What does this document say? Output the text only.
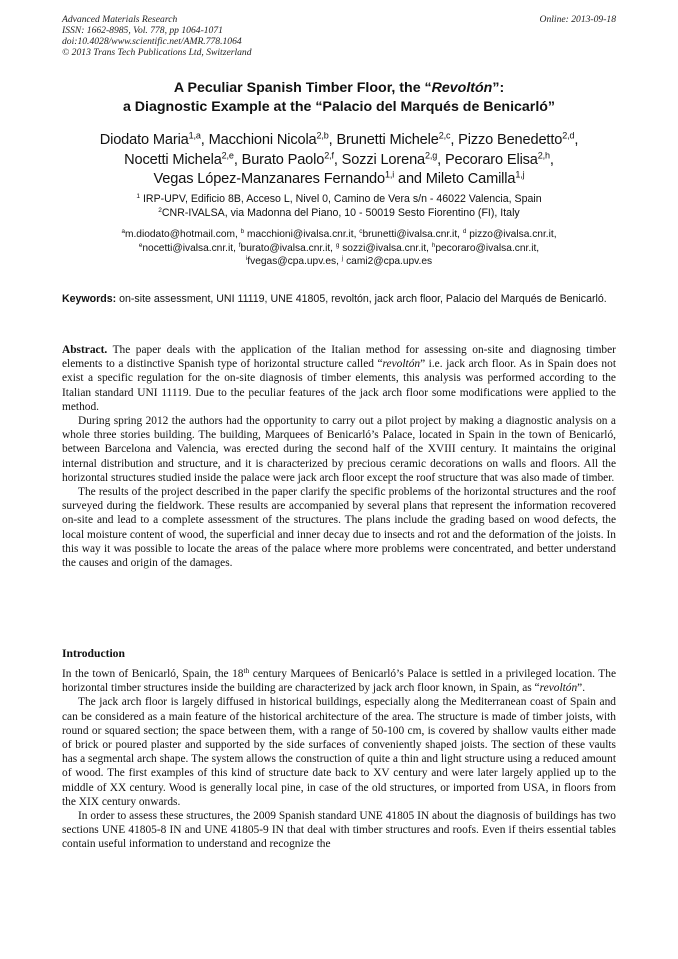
Advanced Materials Research
ISSN: 1662-8985, Vol. 778, pp 1064-1071
doi:10.4028/www.scientific.net/AMR.778.1064
© 2013 Trans Tech Publications Ltd, Switzerland
Online: 2013-09-18
A Peculiar Spanish Timber Floor, the “Revoltón”:
a Diagnostic Example at the “Palacio del Marqués de Benicarló”
Diodato Maria$^{1,a}$, Macchioni Nicola$^{2,b}$, Brunetti Michele$^{2,c}$, Pizzo Benedetto$^{2,d}$,
Nocetti Michela$^{2,e}$, Burato Paolo$^{2,f}$, Sozzi Lorena$^{2,g}$, Pecoraro Elisa$^{2,h}$,
Vegas López-Manzanares Fernando$^{1,i}$ and Mileto Camilla$^{1,j}$
$^1$ IRP-UPV, Edificio 8B, Acceso L, Nivel 0, Camino de Vera s/n - 46022 Valencia, Spain
$^2$CNR-IVALSA, via Madonna del Piano, 10 - 50019 Sesto Fiorentino (FI), Italy
$^a$m.diodato@hotmail.com, $^b$ macchioni@ivalsa.cnr.it, $^c$brunetti@ivalsa.cnr.it, $^d$ pizzo@ivalsa.cnr.it,
$^e$nocetti@ivalsa.cnr.it, $^f$burato@ivalsa.cnr.it, $^g$ sozzi@ivalsa.cnr.it, $^h$pecoraro@ivalsa.cnr.it,
$^i$fvegas@cpa.upv.es, $^j$ cami2@cpa.upv.es
Keywords: on-site assessment, UNI 11119, UNE 41805, revoltón, jack arch floor, Palacio del Marqués de Benicarló.

Abstract. The paper deals with the application of the Italian method for assessing on-site and diagnosing timber elements to a distinctive Spanish type of horizontal structure called “revoltón” i.e. jack arch floor. As in Spain does not exist a specific regulation for the on-site diagnosis of timber elements, this analysis was performed according to the Italian standard UNI 11119. Due to the peculiar features of the jack arch floor some modifications were applied to the method.

During spring 2012 the authors had the opportunity to carry out a pilot project by making a diagnostic analysis on a whole three stories building. The building, Marquees of Benicarló’s Palace, located in Spain in the town of Benicarló, between Barcelona and Valencia, was erected during the second half of the XVIII century. It maintains the original internal distribution and structure, and it is characterized by precious ceramic decorations on walls and floors. All the horizontal structures studied inside the palace were jack arch floor except the roof structure that was also made of timber.

The results of the project described in the paper clarify the specific problems of the horizontal structures and the roof surveyed during the fieldwork. These results are accompanied by several plans that represent the information recovered on-site and lead to a complete assessment of the structures. The plans include the grading based on wood defects, the local moisture content of wood, the superficial and inner decay due to insects and rot and the deformation of the joists. In this way it was possible to locate the areas of the palace where more problems were concentrated, and better understand the causes and origin of the damages.

Introduction

In the town of Benicarló, Spain, the 18th century Marquees of Benicarló’s Palace is settled in a privileged location. The horizontal timber structures inside the building are characterized by jack arch floor known, in Spain, as “revoltón”.

The jack arch floor is largely diffused in historical buildings, especially along the Mediterranean coast of Spain and can be considered as a main feature of the historical architecture of the area. The structure is made of timber joists, with round or squared section; the space between them, with a range of 50-100 cm, is covered by shallow vaults either made of brick or poured plaster and supported by the side surfaces of conveniently shaped joists. The section of these vaults has a segmental arch shape. The system allows the construction of quite a thin and light structure using a reduced amount of wood. The first examples of this kind of structure date back to XV century and were later largely applied up to the middle of XX century. Wood is generally local pine, in case of the old structures, or imported from USA, in floors from the XIX century onwards.

In order to assess these structures, the 2009 Spanish standard UNE 41805 IN about the diagnosis of buildings has two sections UNE 41805-8 IN and UNE 41805-9 IN that deal with timber structures and roofs. Even if theirs essential tables contain useful information to understand and recognize the
